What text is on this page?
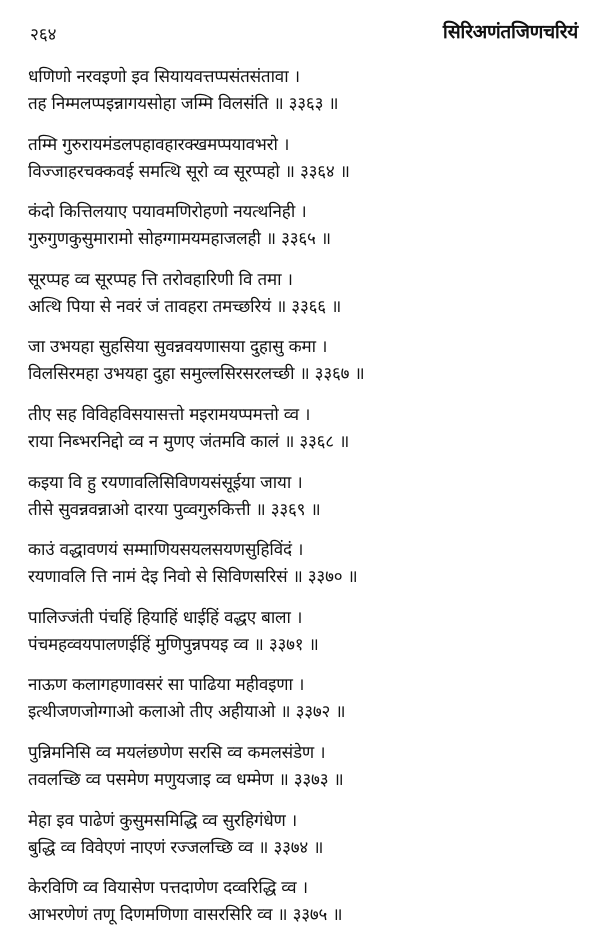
२६४	सिरिअणंतजिणचरियं
धणिणो नरवइणो इव सियायवत्तप्पसंतसंतावा ।
तह निम्मलप्पइन्नागयसोहा जम्मि विलसंति ॥ ३३६३ ॥
तम्मि गुरुरायमंडलपहावहारक्खमप्पयावभरो ।
विज्जाहरचक्कवई समत्थि सूरो व्व सूरप्पहो ॥ ३३६४ ॥
कंदो कित्तिलयाए पयावमणिरोहणो नयत्थनिही ।
गुरुगुणकुसुमारामो सोहग्गामयमहाजलही ॥ ३३६५ ॥
सूरप्पह व्व सूरप्पह त्ति तरोवहारिणी वि तमा ।
अत्थि पिया से नवरं जं तावहरा तमच्छरियं ॥ ३३६६ ॥
जा उभयहा सुहसिया सुवन्नवयणासया दुहासु कमा ।
विलसिरमहा उभयहा दुहा समुल्लसिरसरलच्छी ॥ ३३६७ ॥
तीए सह विविहविसयासत्तो मइरामयप्पमत्तो व्व ।
राया निब्भरनिद्दो व्व न मुणए जंतमवि कालं ॥ ३३६८ ॥
कइया वि हु रयणावलिसिविणयसंसूईया जाया ।
तीसे सुवन्नवन्नाओ दारया पुव्वगुरुकित्ती ॥ ३३६९ ॥
काउं वद्धावणयं सम्माणियसयलसयणसुहिविंदं ।
रयणावलि त्ति नामं देइ निवो से सिविणसरिसं ॥ ३३७० ॥
पालिज्जंती पंचहिं हियाहिं धाईहिं वद्धए बाला ।
पंचमहव्वयपालणईहिं मुणिपुन्नपयइ व्व ॥ ३३७१ ॥
नाऊण कलागहणावसरं सा पाढिया महीवइणा ।
इत्थीजणजोग्गाओ कलाओ तीए अहीयाओ ॥ ३३७२ ॥
पुन्निमनिसि व्व मयलंछणेण सरसि व्व कमलसंडेण ।
तवलच्छि व्व पसमेण मणुयजाइ व्व धम्मेण ॥ ३३७३ ॥
मेहा इव पाढेणं कुसुमसमिद्धि व्व सुरहिगंधेण ।
बुद्धि व्व विवेएणं नाएणं रज्जलच्छि व्व ॥ ३३७४ ॥
केरविणि व्व वियासेण पत्तदाणेण दव्वरिद्धि व्व ।
आभरणेणं तणू दिणमणिणा वासरसिरि व्व ॥ ३३७५ ॥
